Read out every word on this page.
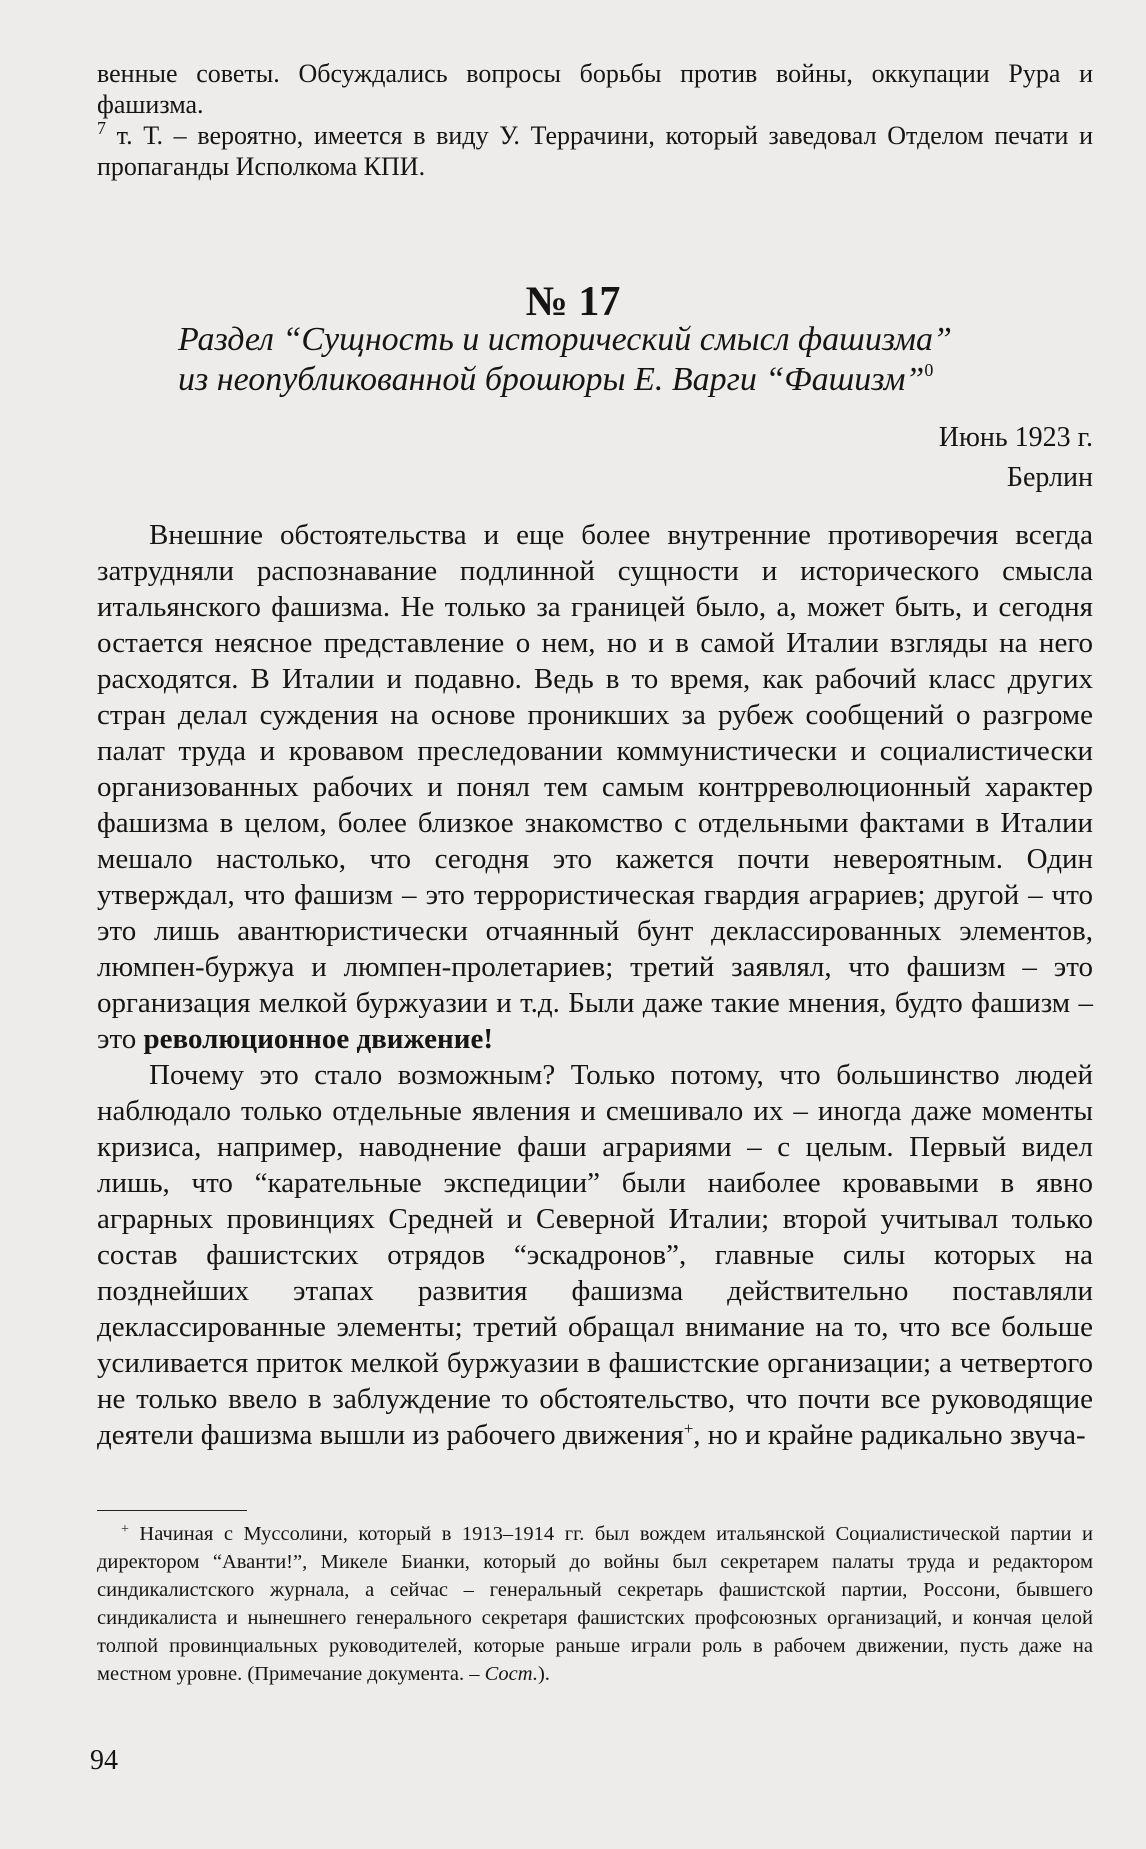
венные советы. Обсуждались вопросы борьбы против войны, оккупации Рура и фашизма.

$^7$ т. Т. – вероятно, имеется в виду У. Террачини, который заведовал Отделом печати и пропаганды Исполкома КПИ.

№ 17
Раздел “Сущность и исторический смысл фашизма”
из неопубликованной брошюры Е. Варги “Фашизм”$^0$
Июнь 1923 г.
Берлин

Внешние обстоятельства и еще более внутренние противоречия всегда затрудняли распознавание подлинной сущности и исторического смысла итальянского фашизма. Не только за границей было, а, может быть, и сегодня остается неясное представление о нем, но и в самой Италии взгляды на него расходятся. В Италии и подавно. Ведь в то время, как рабочий класс других стран делал суждения на основе проникших за рубеж сообщений о разгроме палат труда и кровавом преследовании коммунистически и социалистически организованных рабочих и понял тем самым контрреволюционный характер фашизма в целом, более близкое знакомство с отдельными фактами в Италии мешало настолько, что сегодня это кажется почти невероятным. Один утверждал, что фашизм – это террористическая гвардия аграриев; другой – что это лишь авантюристически отчаянный бунт деклассированных элементов, люмпен-буржуа и люмпен-пролетариев; третий заявлял, что фашизм – это организация мелкой буржуазии и т.д. Были даже такие мнения, будто фашизм – это революционное движение!

Почему это стало возможным? Только потому, что большинство людей наблюдало только отдельные явления и смешивало их – иногда даже моменты кризиса, например, наводнение фаши аграриями – с целым. Первый видел лишь, что “карательные экспедиции” были наиболее кровавыми в явно аграрных провинциях Средней и Северной Италии; второй учитывал только состав фашистских отрядов “эскадронов”, главные силы которых на позднейших этапах развития фашизма действительно поставляли деклассированные элементы; третий обращал внимание на то, что все больше усиливается приток мелкой буржуазии в фашистские организации; а четвертого не только ввело в заблуждение то обстоятельство, что почти все руководящие деятели фашизма вышли из рабочего движения+, но и крайне радикально звуча-

+ Начиная с Муссолини, который в 1913–1914 гг. был вождем итальянской Социалистической партии и директором “Аванти!”, Микеле Бианки, который до войны был секретарем палаты труда и редактором синдикалистского журнала, а сейчас – генеральный секретарь фашистской партии, Россони, бывшего синдикалиста и нынешнего генерального секретаря фашистских профсоюзных организаций, и кончая целой толпой провинциальных руководителей, которые раньше играли роль в рабочем движении, пусть даже на местном уровне. (Примечание документа. – Сост.).

94
